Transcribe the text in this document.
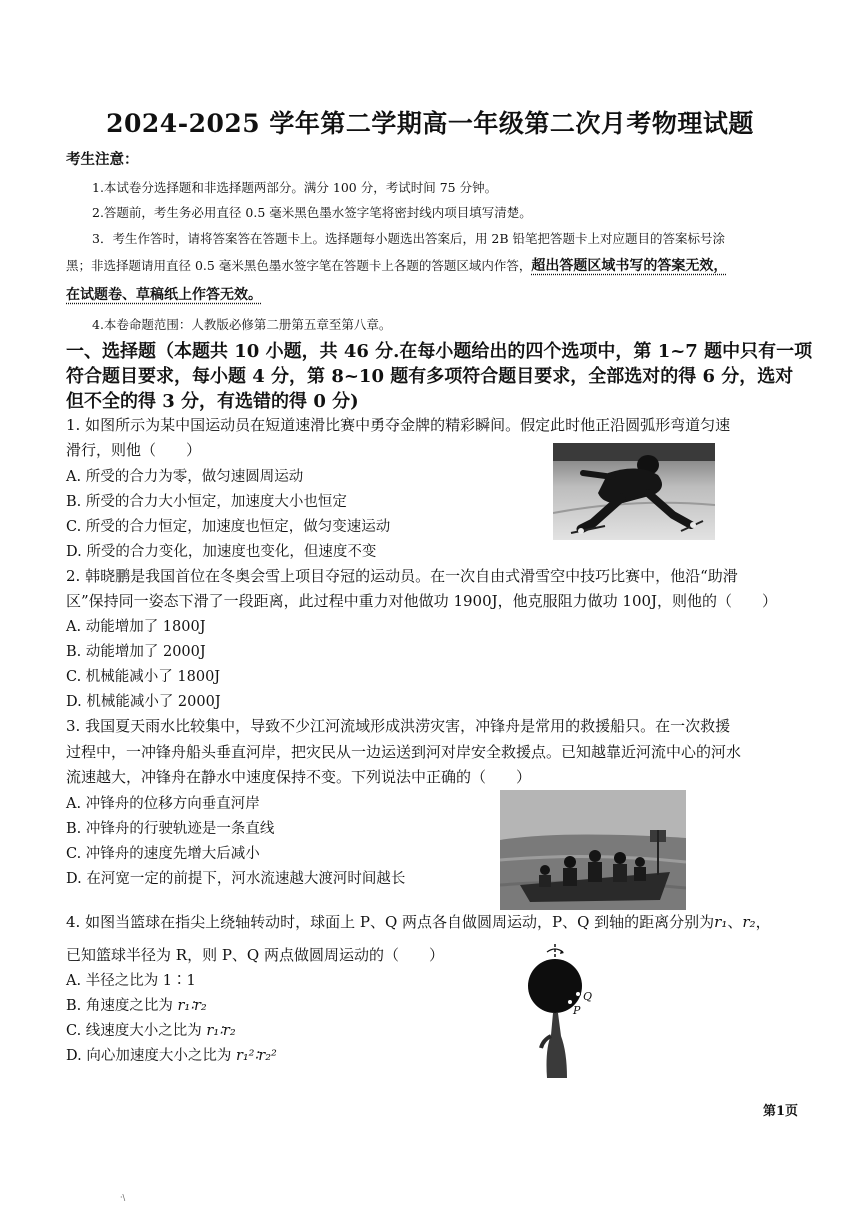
2024-2025 学年第二学期高一年级第二次月考物理试题
考生注意：
1.本试卷分选择题和非选择题两部分。满分 100 分，考试时间 75 分钟。
2.答题前，考生务必用直径 0.5 毫米黑色墨水签字笔将密封线内项目填写清楚。
3．考生作答时，请将答案答在答题卡上。选择题每小题选出答案后，用 2B 铅笔把答题卡上对应题目的答案标号涂
黑；非选择题请用直径 0.5 毫米黑色墨水签字笔在答题卡上各题的答题区域内作答，超出答题区域书写的答案无效，
在试题卷、草稿纸上作答无效。
4.本卷命题范围：人教版必修第二册第五章至第八章。
一、选择题（本题共 10 小题，共 46 分.在每小题给出的四个选项中，第 1~7 题中只有一项
符合题目要求，每小题 4 分，第 8~10 题有多项符合题目要求，全部选对的得 6 分，选对
但不全的得 3 分，有选错的得 0 分)
1. 如图所示为某中国运动员在短道速滑比赛中勇夺金牌的精彩瞬间。假定此时他正沿圆弧形弯道匀速
滑行，则他（　　）
A. 所受的合力为零，做匀速圆周运动
B. 所受的合力大小恒定，加速度大小也恒定
C. 所受的合力恒定，加速度也恒定，做匀变速运动
D. 所受的合力变化，加速度也变化，但速度不变
2. 韩晓鹏是我国首位在冬奥会雪上项目夺冠的运动员。在一次自由式滑雪空中技巧比赛中，他沿“助滑
区”保持同一姿态下滑了一段距离，此过程中重力对他做功 1900J，他克服阻力做功 100J，则他的（　　）
A. 动能增加了 1800J
B. 动能增加了 2000J
C. 机械能减小了 1800J
D. 机械能减小了 2000J
3. 我国夏天雨水比较集中，导致不少江河流域形成洪涝灾害，冲锋舟是常用的救援船只。在一次救援
过程中，一冲锋舟船头垂直河岸，把灾民从一边运送到河对岸安全救援点。已知越靠近河流中心的河水
流速越大，冲锋舟在静水中速度保持不变。下列说法中正确的（　　）
A. 冲锋舟的位移方向垂直河岸
B. 冲锋舟的行驶轨迹是一条直线
C. 冲锋舟的速度先增大后减小
D. 在河宽一定的前提下，河水流速越大渡河时间越长
4. 如图当篮球在指尖上绕轴转动时，球面上 P、Q 两点各自做圆周运动，P、Q 到轴的距离分别为r₁、r₂，
已知篮球半径为 R，则 P、Q 两点做圆周运动的（　　）
A. 半径之比为 1∶1
B. 角速度之比为 r₁∶r₂
C. 线速度大小之比为 r₁∶r₂
D. 向心加速度大小之比为 r₁²∶r₂²
Q
P
第1页
·\
